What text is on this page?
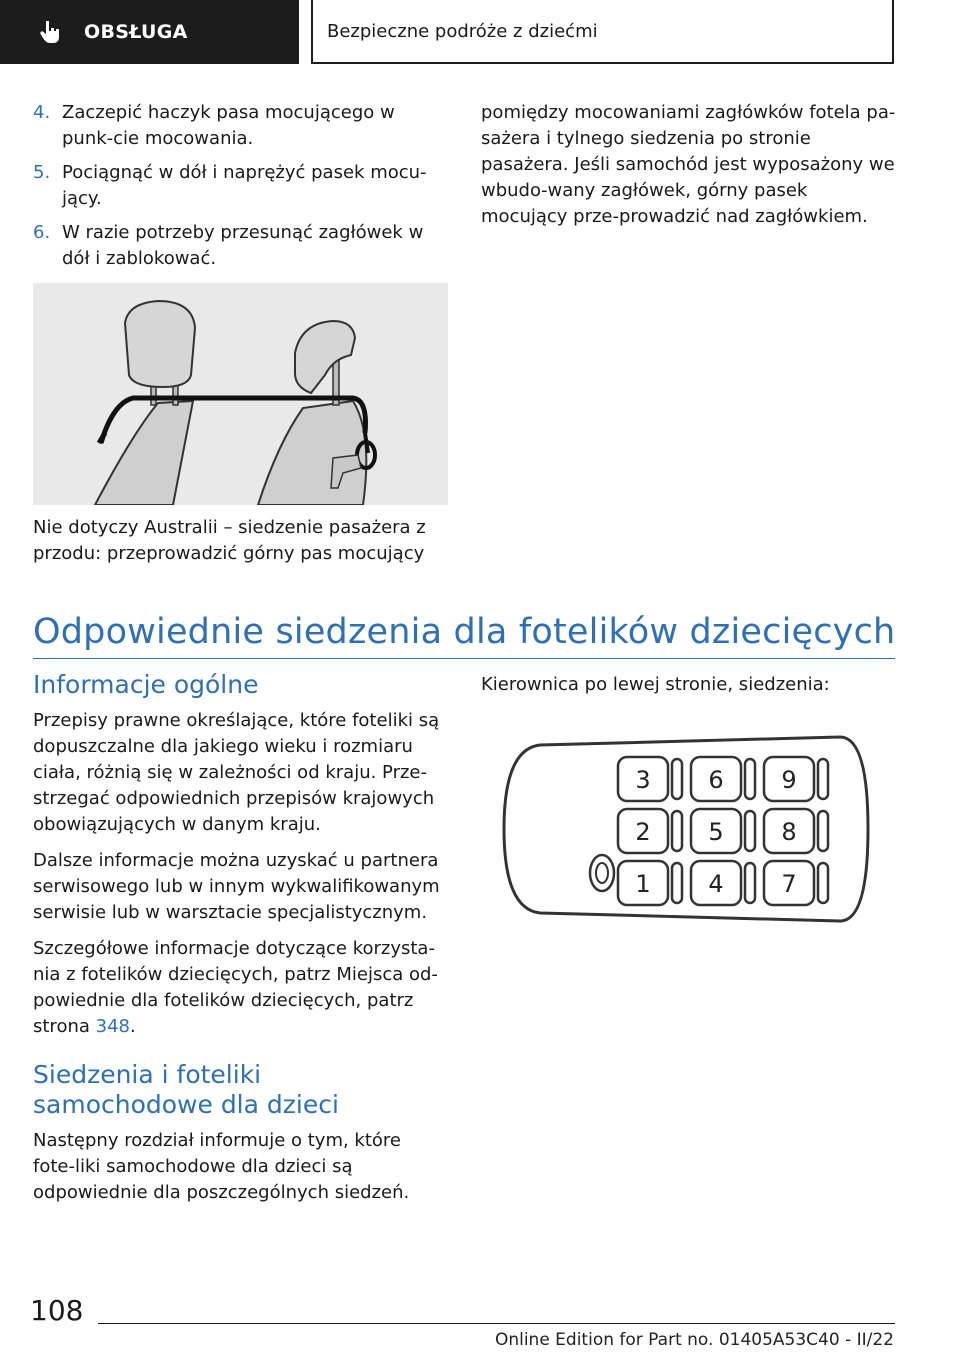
OBSŁUGA	Bezpieczne podróże z dziećmi
4. Zaczepić haczyk pasa mocującego w punk‐cie mocowania.
5. Pociągnąć w dół i naprężyć pasek mocu‐jący.
6. W razie potrzeby przesunąć zagłówek w dół i zablokować.

pomiędzy mocowaniami zagłówków fotela pa‐sażera i tylnego siedzenia po stronie pasażera. Jeśli samochód jest wyposażony we wbudo‐wany zagłówek, górny pasek mocujący prze‐prowadzić nad zagłówkiem.

Nie dotyczy Australii – siedzenie pasażera z przodu: przeprowadzić górny pas mocujący
Odpowiednie siedzenia dla fotelików dziecięcych
Informacje ogólne

Przepisy prawne określające, które foteliki są dopuszczalne dla jakiego wieku i rozmiaru ciała, różnią się w zależności od kraju. Prze‐strzegać odpowiednich przepisów krajowych obowiązujących w danym kraju.

Dalsze informacje można uzyskać u partnera serwisowego lub w innym wykwalifikowanym serwisie lub w warsztacie specjalistycznym.

Szczegółowe informacje dotyczące korzysta‐nia z fotelików dziecięcych, patrz Miejsca od‐powiednie dla fotelików dziecięcych, patrz strona 348.

Siedzenia i foteliki samochodowe dla dzieci

Następny rozdział informuje o tym, które fote‐liki samochodowe dla dzieci są odpowiednie dla poszczególnych siedzeń.

Kierownica po lewej stronie, siedzenia:

3 6 9
2 5 8
1 4 7
108
Online Edition for Part no. 01405A53C40 - II/22
